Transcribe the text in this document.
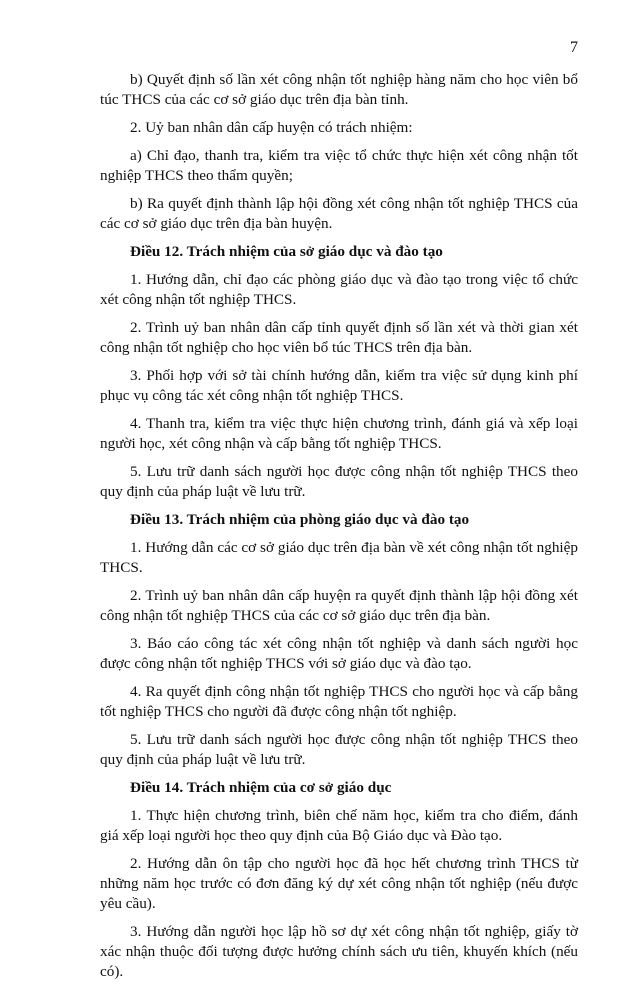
7

b) Quyết định số lần xét công nhận tốt nghiệp hàng năm cho học viên bổ túc THCS của các cơ sở giáo dục trên địa bàn tỉnh.

2. Uỷ ban nhân dân cấp huyện có trách nhiệm:

a) Chỉ đạo, thanh tra, kiểm tra việc tổ chức thực hiện xét công nhận tốt nghiệp THCS theo thẩm quyền;

b) Ra quyết định thành lập hội đồng xét công nhận tốt nghiệp THCS của các cơ sở giáo dục trên địa bàn huyện.

Điều 12. Trách nhiệm của sở giáo dục và đào tạo

1. Hướng dẫn, chỉ đạo các phòng giáo dục và đào tạo trong việc tổ chức xét công nhận tốt nghiệp THCS.

2. Trình uỷ ban nhân dân cấp tỉnh quyết định số lần xét và thời gian xét công nhận tốt nghiệp cho học viên bổ túc THCS trên địa bàn.

3. Phối hợp với sở tài chính hướng dẫn, kiểm tra việc sử dụng kinh phí phục vụ công tác xét công nhận tốt nghiệp THCS.

4. Thanh tra, kiểm tra việc thực hiện chương trình, đánh giá và xếp loại người học, xét công nhận và cấp bằng tốt nghiệp THCS.

5. Lưu trữ danh sách người học được công nhận tốt nghiệp THCS theo quy định của pháp luật về lưu trữ.

Điều 13. Trách nhiệm của phòng giáo dục và đào tạo

1. Hướng dẫn các cơ sở giáo dục trên địa bàn về xét công nhận tốt nghiệp THCS.

2. Trình uỷ ban nhân dân cấp huyện ra quyết định thành lập hội đồng xét công nhận tốt nghiệp THCS của các cơ sở giáo dục trên địa bàn.

3. Báo cáo công tác xét công nhận tốt nghiệp và danh sách người học được công nhận tốt nghiệp THCS với sở giáo dục và đào tạo.

4. Ra quyết định công nhận tốt nghiệp THCS cho người học và cấp bằng tốt nghiệp THCS cho người đã được công nhận tốt nghiệp.

5. Lưu trữ danh sách người học được công nhận tốt nghiệp THCS theo quy định của pháp luật về lưu trữ.

Điều 14. Trách nhiệm của cơ sở giáo dục

1. Thực hiện chương trình, biên chế năm học, kiểm tra cho điểm, đánh giá xếp loại người học theo quy định của Bộ Giáo dục và Đào tạo.

2. Hướng dẫn ôn tập cho người học đã học hết chương trình THCS từ những năm học trước có đơn đăng ký dự xét công nhận tốt nghiệp (nếu được yêu cầu).

3. Hướng dẫn người học lập hồ sơ dự xét công nhận tốt nghiệp, giấy tờ xác nhận thuộc đối tượng được hưởng chính sách ưu tiên, khuyến khích (nếu có).
